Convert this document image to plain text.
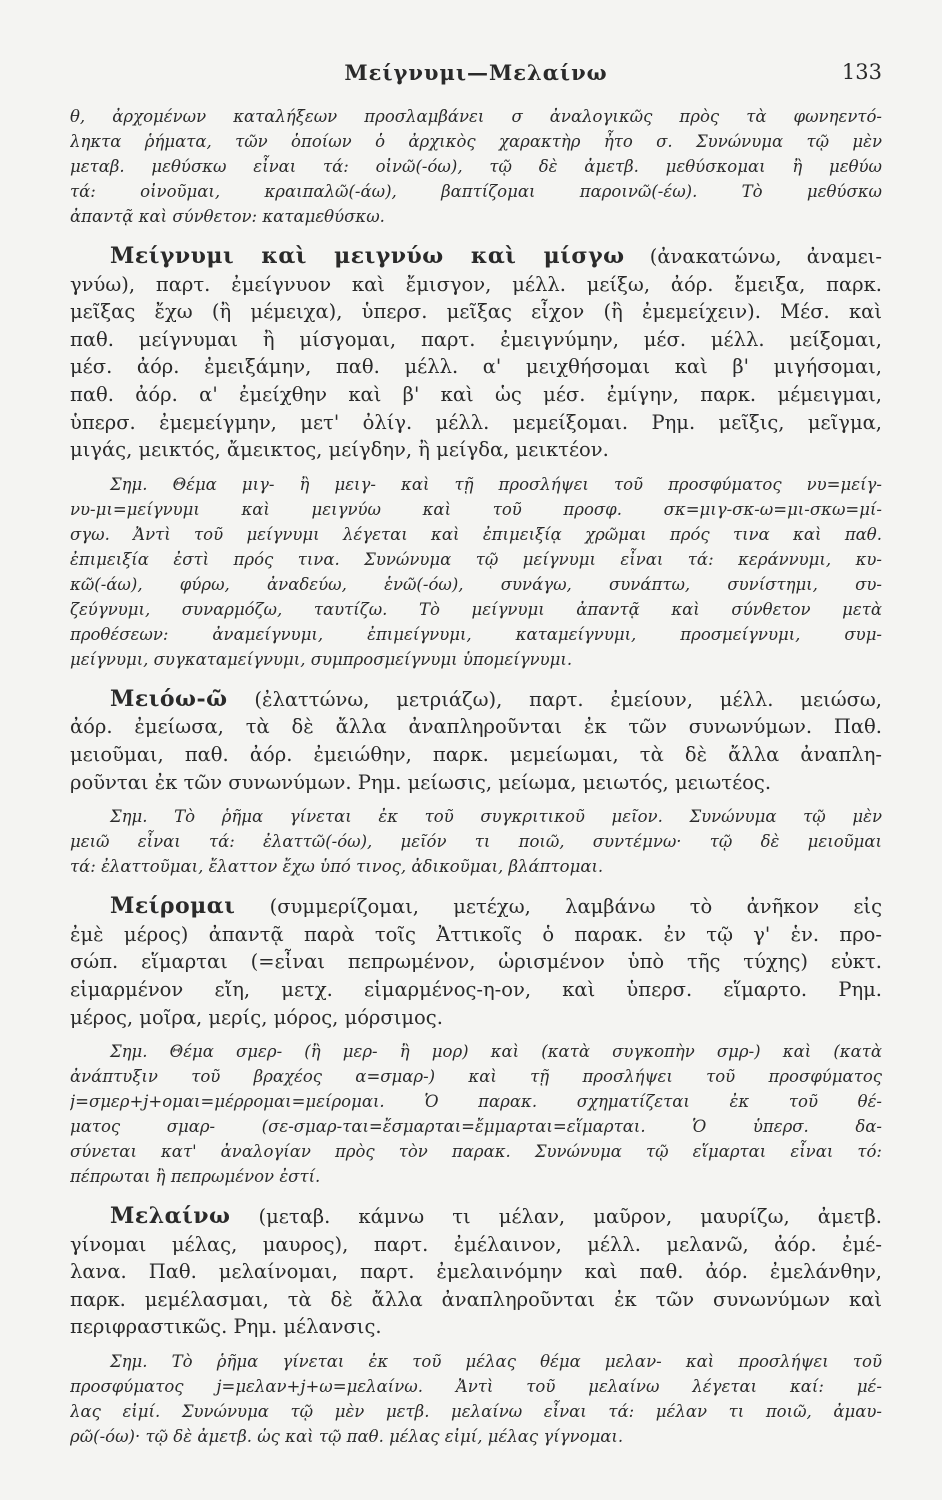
Μείγνυμι—Μελαίνω	133
θ, ἀρχομένων καταλήξεων προσλαμβάνει σ ἀναλογικῶς πρὸς τὰ φωνηεντό-
ληκτα ῥήματα, τῶν ὁποίων ὁ ἀρχικὸς χαρακτὴρ ἦτο σ. Συνώνυμα τῷ μὲν
μεταβ. μεθύσκω εἶναι τά: οἰνῶ(-όω), τῷ δὲ ἀμετβ. μεθύσκομαι ἢ μεθύω
τά: οἰνοῦμαι, κραιπαλῶ(-άω), βαπτίζομαι παροινῶ(-έω). Τὸ μεθύσκω
ἀπαντᾷ καὶ σύνθετον: καταμεθύσκω.
Μείγνυμι καὶ μειγνύω καὶ μίσγω (ἀνακατώνω, ἀναμει-
γνύω), παρτ. ἐμείγνυον καὶ ἔμισγον, μέλλ. μείξω, ἀόρ. ἔμειξα, παρκ.
μεῖξας ἔχω (ἢ μέμειχα), ὑπερσ. μεῖξας εἶχον (ἢ ἐμεμείχειν). Μέσ. καὶ
παθ. μείγνυμαι ἢ μίσγομαι, παρτ. ἐμειγνύμην, μέσ. μέλλ. μείξομαι,
μέσ. ἀόρ. ἐμειξάμην, παθ. μέλλ. α' μειχθήσομαι καὶ β' μιγήσομαι,
παθ. ἀόρ. α' ἐμείχθην καὶ β' καὶ ὡς μέσ. ἐμίγην, παρκ. μέμειγμαι,
ὑπερσ. ἐμεμείγμην, μετ' ὀλίγ. μέλλ. μεμείξομαι. Ρημ. μεῖξις, μεῖγμα,
μιγάς, μεικτός, ἄμεικτος, μείγδην, ἢ μείγδα, μεικτέον.
Σημ. Θέμα μιγ- ἢ μειγ- καὶ τῇ προσλήψει τοῦ προσφύματος νυ=μείγ-
νυ-μι=μείγνυμι καὶ μειγνύω καὶ τοῦ προσφ. σκ=μιγ-σκ-ω=μι-σκω=μί-
σγω. Ἀντὶ τοῦ μείγνυμι λέγεται καὶ ἐπιμειξίᾳ χρῶμαι πρός τινα καὶ παθ.
ἐπιμειξία ἐστὶ πρός τινα. Συνώνυμα τῷ μείγνυμι εἶναι τά: κεράννυμι, κυ-
κῶ(-άω), φύρω, ἀναδεύω, ἑνῶ(-όω), συνάγω, συνάπτω, συνίστημι, συ-
ζεύγνυμι, συναρμόζω, ταυτίζω. Τὸ μείγνυμι ἀπαντᾷ καὶ σύνθετον μετὰ
προθέσεων: ἀναμείγνυμι, ἐπιμείγνυμι, καταμείγνυμι, προσμείγνυμι, συμ-
μείγνυμι, συγκαταμείγνυμι, συμπροσμείγνυμι ὑπομείγνυμι.
Μειόω-ῶ (ἐλαττώνω, μετριάζω), παρτ. ἐμείουν, μέλλ. μειώσω,
ἀόρ. ἐμείωσα, τὰ δὲ ἄλλα ἀναπληροῦνται ἐκ τῶν συνωνύμων. Παθ.
μειοῦμαι, παθ. ἀόρ. ἐμειώθην, παρκ. μεμείωμαι, τὰ δὲ ἄλλα ἀναπλη-
ροῦνται ἐκ τῶν συνωνύμων. Ρημ. μείωσις, μείωμα, μειωτός, μειωτέος.
Σημ. Τὸ ῥῆμα γίνεται ἐκ τοῦ συγκριτικοῦ μεῖον. Συνώνυμα τῷ μὲν
μειῶ εἶναι τά: ἐλαττῶ(-όω), μεῖόν τι ποιῶ, συντέμνω· τῷ δὲ μειοῦμαι
τά: ἐλαττοῦμαι, ἔλαττον ἔχω ὑπό τινος, ἀδικοῦμαι, βλάπτομαι.
Μείρομαι (συμμερίζομαι, μετέχω, λαμβάνω τὸ ἀνῆκον εἰς
ἐμὲ μέρος) ἀπαντᾷ παρὰ τοῖς Ἀττικοῖς ὁ παρακ. ἐν τῷ γ' ἑν. προ-
σώπ. εἵμαρται (=εἶναι πεπρωμένον, ὡρισμένον ὑπὸ τῆς τύχης) εὐκτ.
εἱμαρμένον εἴη, μετχ. εἱμαρμένος-η-ον, καὶ ὑπερσ. εἵμαρτο. Ρημ.
μέρος, μοῖρα, μερίς, μόρος, μόρσιμος.
Σημ. Θέμα σμερ- (ἢ μερ- ἢ μορ) καὶ (κατὰ συγκοπὴν σμρ-) καὶ (κατὰ
ἀνάπτυξιν τοῦ βραχέος α=σμαρ-) καὶ τῇ προσλήψει τοῦ προσφύματος
j=σμερ+j+ομαι=μέρρομαι=μείρομαι. Ὁ παρακ. σχηματίζεται ἐκ τοῦ θέ-
ματος σμαρ- (σε-σμαρ-ται=ἔσμαρται=ἔμμαρται=εἵμαρται. Ὁ ὑπερσ. δα-
σύνεται κατ' ἀναλογίαν πρὸς τὸν παρακ. Συνώνυμα τῷ εἵμαρται εἶναι τό:
πέπρωται ἢ πεπρωμένον ἐστί.
Μελαίνω (μεταβ. κάμνω τι μέλαν, μαῦρον, μαυρίζω, ἀμετβ.
γίνομαι μέλας, μαυρος), παρτ. ἐμέλαινον, μέλλ. μελανῶ, ἀόρ. ἐμέ-
λανα. Παθ. μελαίνομαι, παρτ. ἐμελαινόμην καὶ παθ. ἀόρ. ἐμελάνθην,
παρκ. μεμέλασμαι, τὰ δὲ ἄλλα ἀναπληροῦνται ἐκ τῶν συνωνύμων καὶ
περιφραστικῶς. Ρημ. μέλανσις.
Σημ. Τὸ ῥῆμα γίνεται ἐκ τοῦ μέλας θέμα μελαν- καὶ προσλήψει τοῦ
προσφύματος j=μελαν+j+ω=μελαίνω. Ἀντὶ τοῦ μελαίνω λέγεται καί: μέ-
λας εἰμί. Συνώνυμα τῷ μὲν μετβ. μελαίνω εἶναι τά: μέλαν τι ποιῶ, ἀμαυ-
ρῶ(-όω)· τῷ δὲ ἀμετβ. ὡς καὶ τῷ παθ. μέλας εἰμί, μέλας γίγνομαι.
